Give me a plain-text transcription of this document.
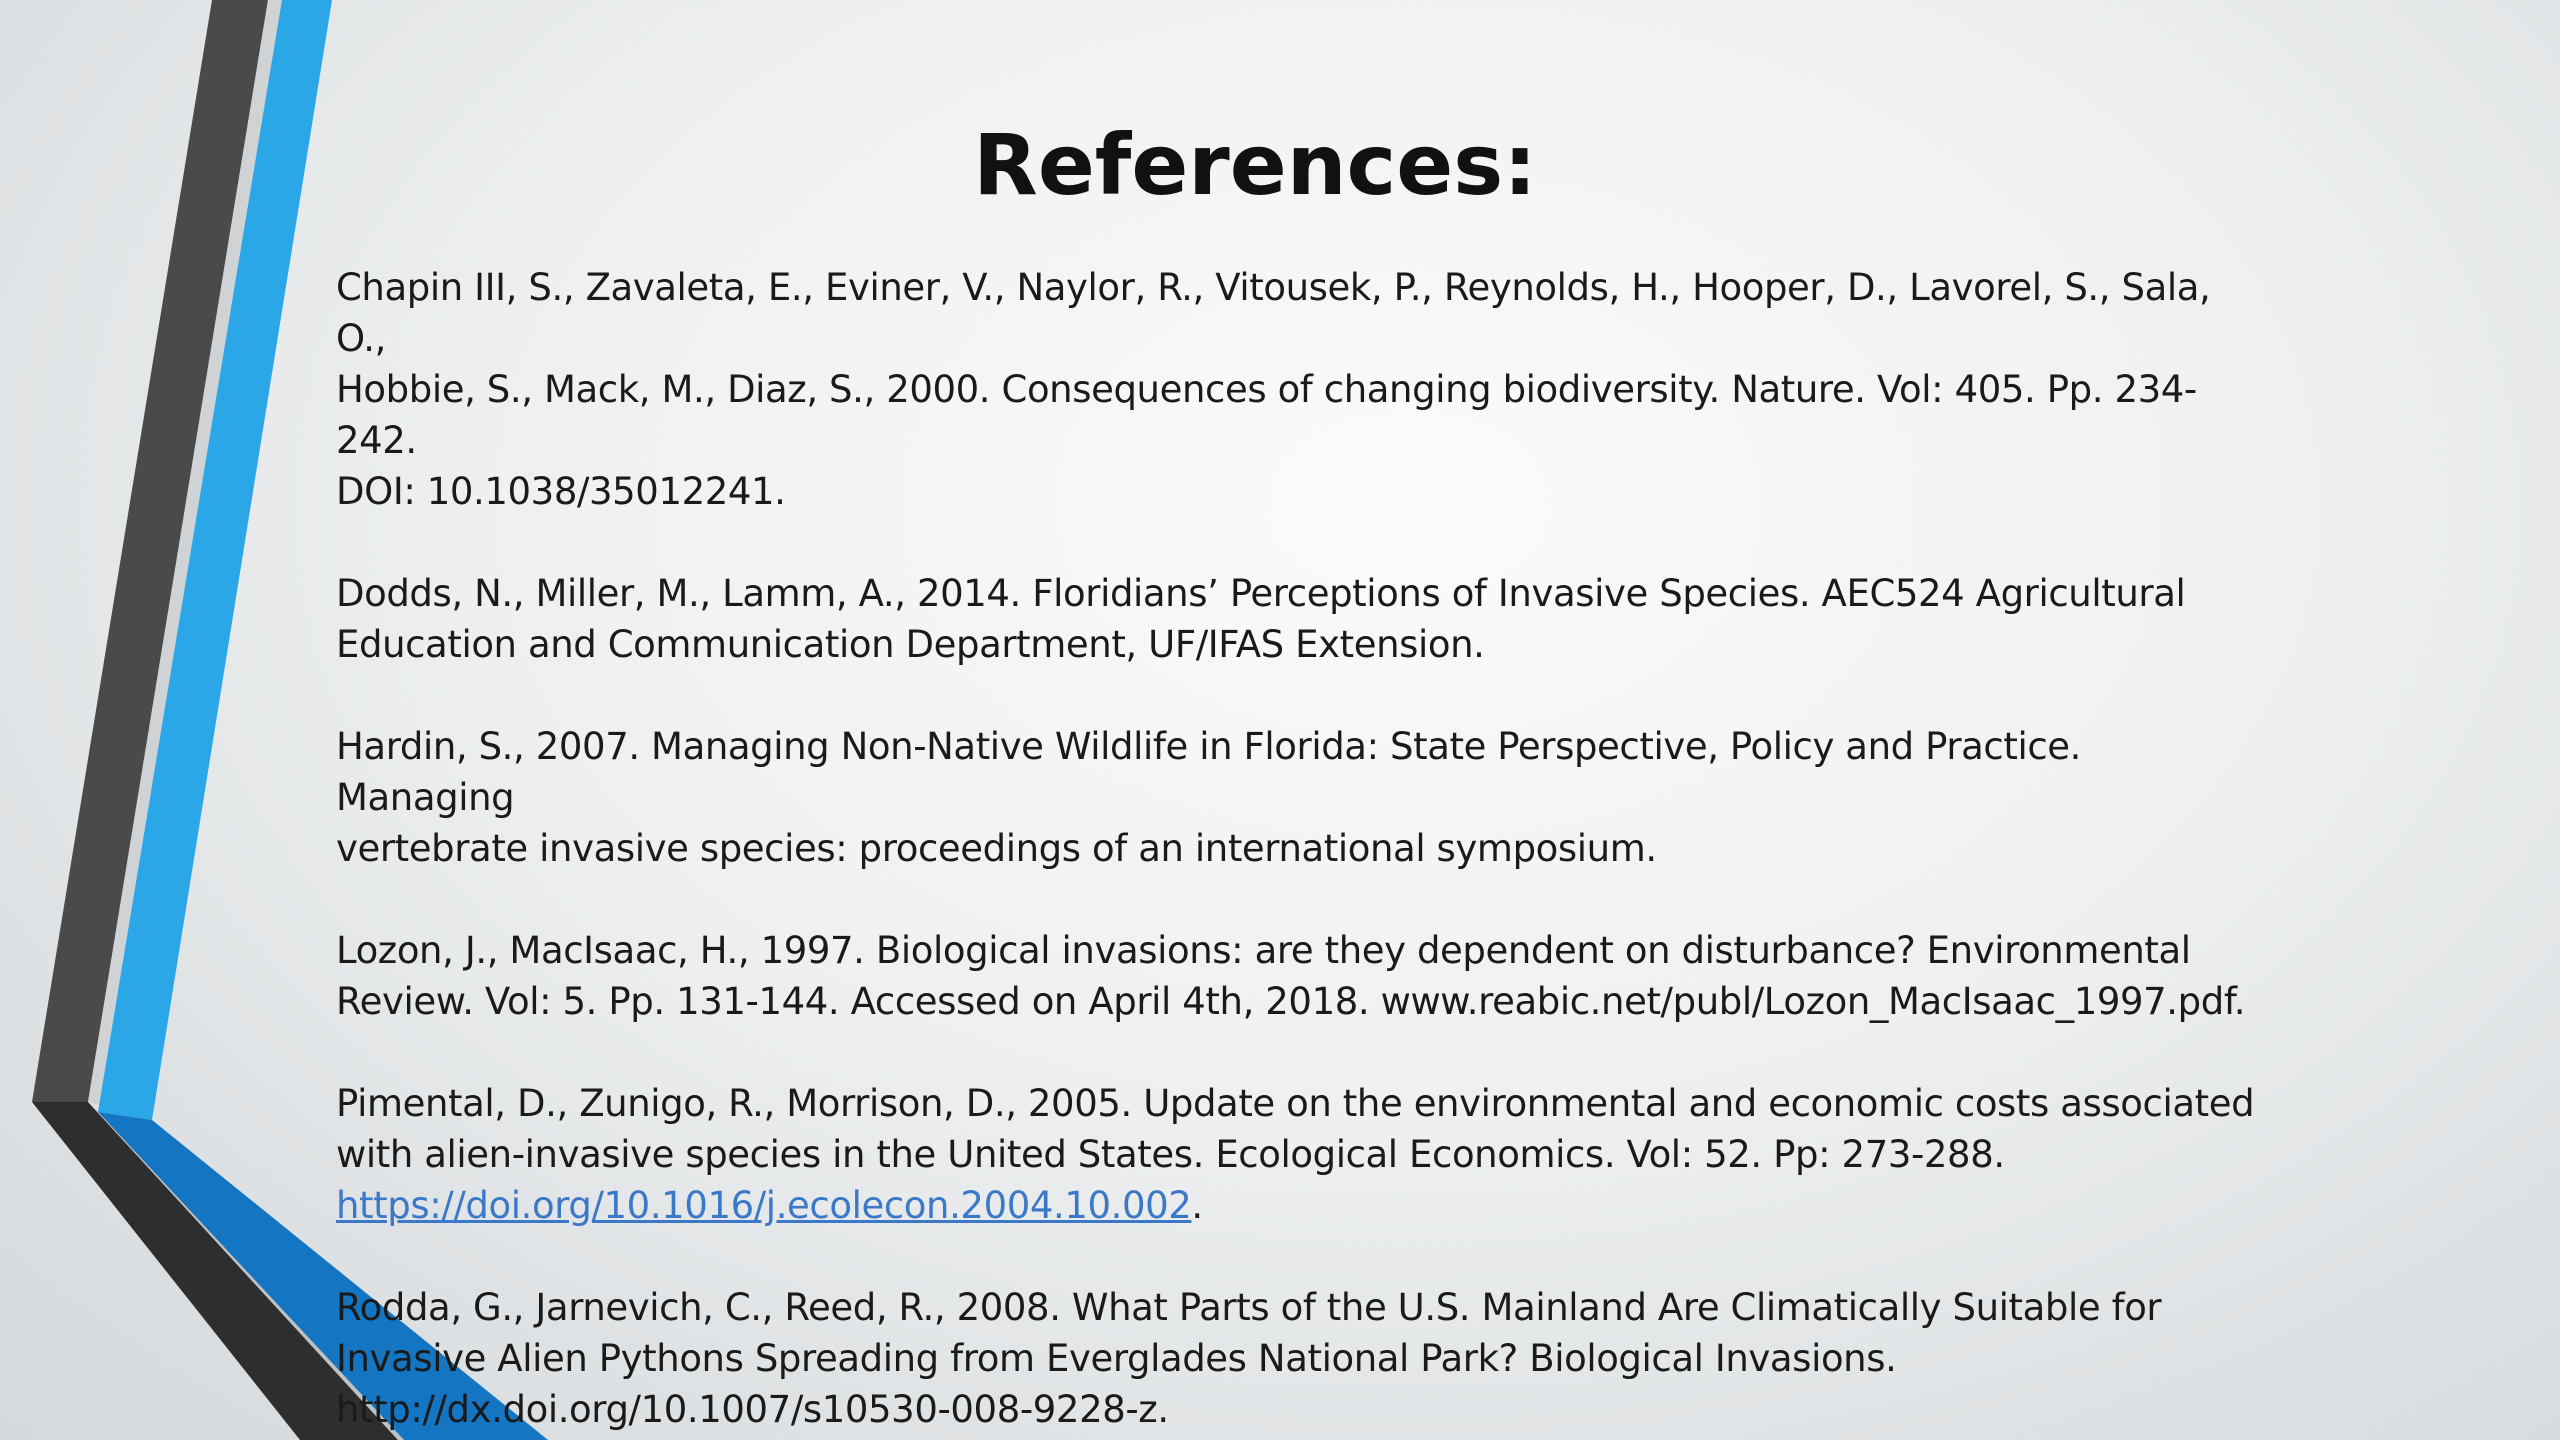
References:

Chapin III, S., Zavaleta, E., Eviner, V., Naylor, R., Vitousek, P., Reynolds, H., Hooper, D., Lavorel, S., Sala, O.,
Hobbie, S., Mack, M., Diaz, S., 2000. Consequences of changing biodiversity. Nature. Vol: 405. Pp. 234-242.
DOI: 10.1038/35012241.

Dodds, N., Miller, M., Lamm, A., 2014. Floridians’ Perceptions of Invasive Species. AEC524 Agricultural
Education and Communication Department, UF/IFAS Extension.

Hardin, S., 2007. Managing Non-Native Wildlife in Florida: State Perspective, Policy and Practice. Managing
vertebrate invasive species: proceedings of an international symposium.

Lozon, J., MacIsaac, H., 1997. Biological invasions: are they dependent on disturbance? Environmental
Review. Vol: 5. Pp. 131-144. Accessed on April 4th, 2018. www.reabic.net/publ/Lozon_MacIsaac_1997.pdf.

Pimental, D., Zunigo, R., Morrison, D., 2005. Update on the environmental and economic costs associated
with alien-invasive species in the United States. Ecological Economics. Vol: 52. Pp: 273-288.
https://doi.org/10.1016/j.ecolecon.2004.10.002.

Rodda, G., Jarnevich, C., Reed, R., 2008. What Parts of the U.S. Mainland Are Climatically Suitable for
Invasive Alien Pythons Spreading from Everglades National Park? Biological Invasions.
http://dx.doi.org/10.1007/s10530-008-9228-z.
